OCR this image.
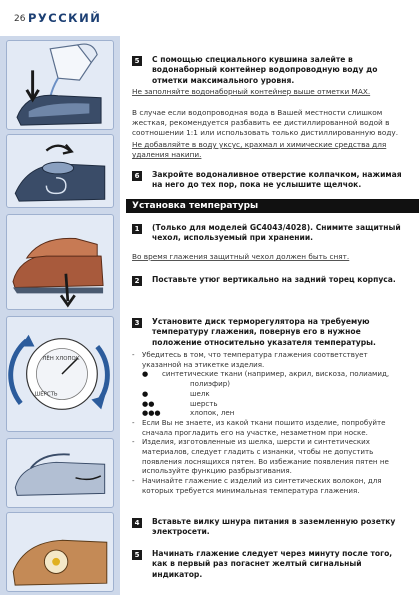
26 РУССКИЙ
ЛЁН ХЛОПОК
ШЕРСТЬ
5	С помощью специального кувшина залейте в водонаборный контейнер водопроводную воду до отметки максимального уровня.
Не заполняйте водонаборный контейнер выше отметки MAX.
В случае если водопроводная вода в Вашей местности слишком жесткая, рекомендуется разбавить ее дистиллированной водой в соотношении 1:1 или использовать только дистиллированную воду.
Не добавляйте в воду уксус, крахмал и химические средства для удаления накипи.
6	Закройте водоналивное отверстие колпачком, нажимая на него до тех пор, пока не услышите щелчок.
Установка температуры
1	(Только для моделей GC4043/4028). Снимите защитный чехол, используемый при хранении.
Во время глажения защитный чехол должен быть снят.
2	Поставьте утюг вертикально на задний торец корпуса.
3	Установите диск терморегулятора на требуемую температуру глажения, повернув его в нужное положение относительно указателя температуры.
- Убедитесь в том, что температура глажения соответствует указанной на этикетке изделия.
●	синтетические ткани (например, акрил, вискоза, полиамид,
полиэфир)
●	шелк
●●	шерсть
●●●	хлопок, лен
- Если Вы не знаете, из какой ткани пошито изделие, попробуйте сначала прогладить его на участке, незаметном при носке.
- Изделия, изготовленные из шелка, шерсти и синтетических материалов, следует гладить с изнанки, чтобы не допустить появления лоснящихся пятен. Во избежание появления пятен не используйте функцию разбрызгивания.
- Начинайте глажение с изделий из синтетических волокон, для которых требуется минимальная температура глажения.
4	Вставьте вилку шнура питания в заземленную розетку электросети.
5	Начинать глажение следует через минуту после того, как в первый раз погаснет желтый сигнальный индикатор.
